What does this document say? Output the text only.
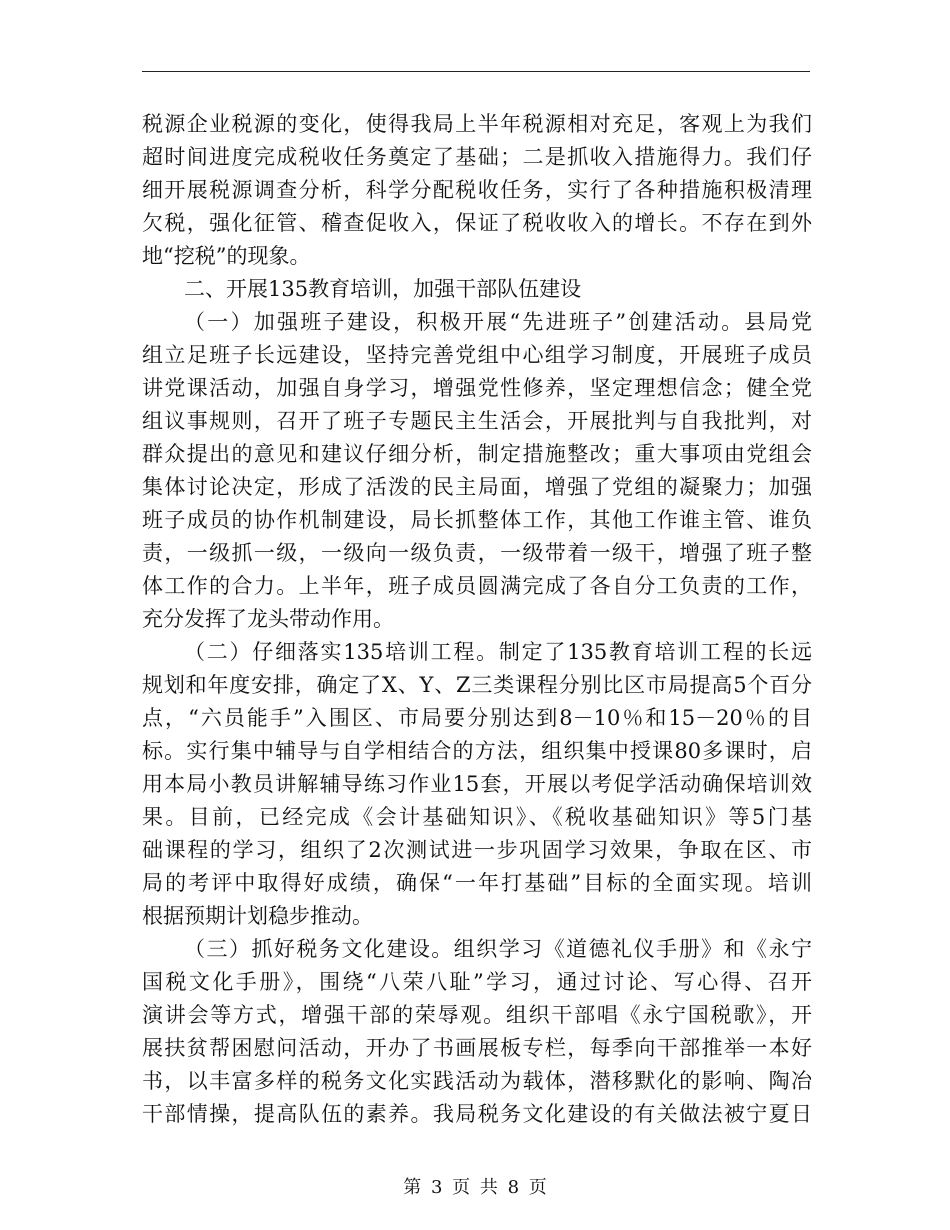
税源企业税源的变化，使得我局上半年税源相对充足，客观上为我们
超时间进度完成税收任务奠定了基础；二是抓收入措施得力。我们仔
细开展税源调查分析，科学分配税收任务，实行了各种措施积极清理
欠税，强化征管、稽查促收入，保证了税收收入的增长。不存在到外
地“挖税”的现象。
二、开展135教育培训，加强干部队伍建设
（一）加强班子建设，积极开展“先进班子”创建活动。县局党
组立足班子长远建设，坚持完善党组中心组学习制度，开展班子成员
讲党课活动，加强自身学习，增强党性修养，坚定理想信念；健全党
组议事规则，召开了班子专题民主生活会，开展批判与自我批判，对
群众提出的意见和建议仔细分析，制定措施整改；重大事项由党组会
集体讨论决定，形成了活泼的民主局面，增强了党组的凝聚力；加强
班子成员的协作机制建设，局长抓整体工作，其他工作谁主管、谁负
责，一级抓一级，一级向一级负责，一级带着一级干，增强了班子整
体工作的合力。上半年，班子成员圆满完成了各自分工负责的工作，
充分发挥了龙头带动作用。
（二）仔细落实135培训工程。制定了135教育培训工程的长远
规划和年度安排，确定了X、Y、Z三类课程分别比区市局提高5个百分
点，“六员能手”入围区、市局要分别达到8－10％和15－20％的目
标。实行集中辅导与自学相结合的方法，组织集中授课80多课时，启
用本局小教员讲解辅导练习作业15套，开展以考促学活动确保培训效
果。目前，已经完成《会计基础知识》、《税收基础知识》等5门基
础课程的学习，组织了2次测试进一步巩固学习效果，争取在区、市
局的考评中取得好成绩，确保“一年打基础”目标的全面实现。培训
根据预期计划稳步推动。
（三）抓好税务文化建设。组织学习《道德礼仪手册》和《永宁
国税文化手册》，围绕“八荣八耻”学习，通过讨论、写心得、召开
演讲会等方式，增强干部的荣辱观。组织干部唱《永宁国税歌》，开
展扶贫帮困慰问活动，开办了书画展板专栏，每季向干部推举一本好
书，以丰富多样的税务文化实践活动为载体，潜移默化的影响、陶冶
干部情操，提高队伍的素养。我局税务文化建设的有关做法被宁夏日
第 3 页 共 8 页
